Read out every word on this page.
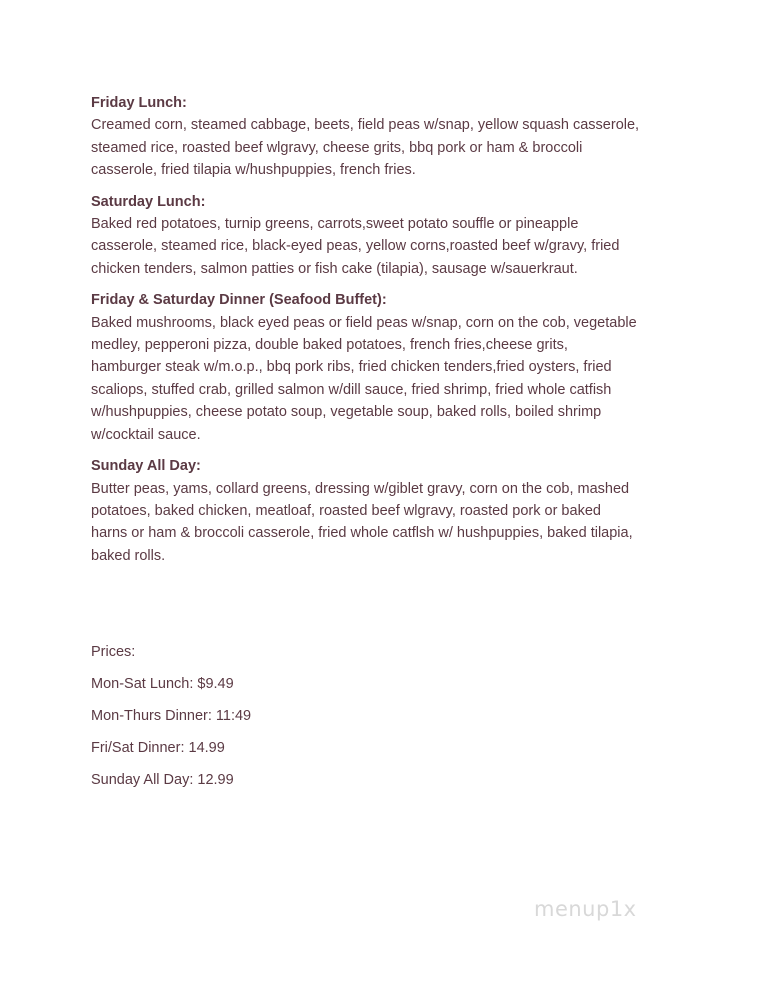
Friday Lunch:
Creamed corn, steamed cabbage, beets, field peas w/snap, yellow squash casserole,
steamed rice, roasted beef wlgravy, cheese grits, bbq pork or ham & broccoli
casserole, fried tilapia w/hushpuppies, french fries.
Saturday Lunch:
Baked red potatoes, turnip greens, carrots,sweet potato souffle or pineapple
casserole, steamed rice, black-eyed peas, yellow corns,roasted beef w/gravy, fried
chicken tenders, salmon patties or fish cake (tilapia), sausage w/sauerkraut.
Friday & Saturday Dinner (Seafood Buffet):
Baked mushrooms, black eyed peas or field peas w/snap, corn on the cob, vegetable
medley, pepperoni pizza, double baked potatoes, french fries,cheese grits,
hamburger steak w/m.o.p., bbq pork ribs, fried chicken tenders,fried oysters, fried
scaliops, stuffed crab, grilled salmon w/dill sauce, fried shrimp, fried whole catfish
w/hushpuppies, cheese potato soup, vegetable soup, baked rolls, boiled shrimp
w/cocktail sauce.
Sunday All Day:
Butter peas, yams, collard greens, dressing w/giblet gravy, corn on the cob, mashed
potatoes, baked chicken, meatloaf, roasted beef wlgravy, roasted pork or baked
harns or ham & broccoli casserole, fried whole catflsh w/ hushpuppies, baked tilapia,
baked rolls.
Prices:
Mon-Sat Lunch: $9.49
Mon-Thurs Dinner: 11:49
Fri/Sat Dinner: 14.99
Sunday All Day: 12.99
menup1x
